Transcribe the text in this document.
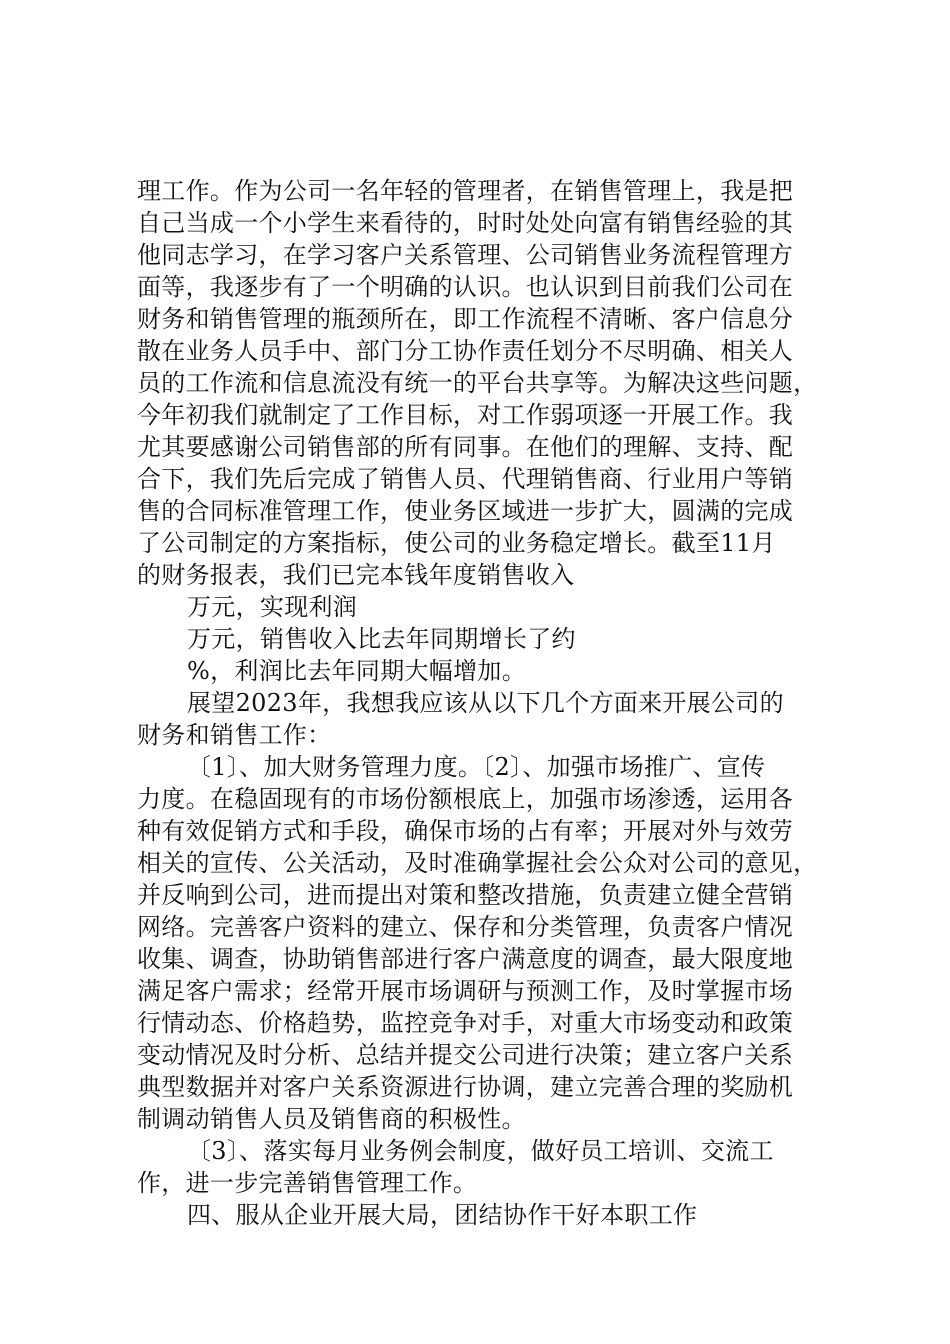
理工作。作为公司一名年轻的管理者，在销售管理上，我是把
自己当成一个小学生来看待的，时时处处向富有销售经验的其
他同志学习，在学习客户关系管理、公司销售业务流程管理方
面等，我逐步有了一个明确的认识。也认识到目前我们公司在
财务和销售管理的瓶颈所在，即工作流程不清晰、客户信息分
散在业务人员手中、部门分工协作责任划分不尽明确、相关人
员的工作流和信息流没有统一的平台共享等。为解决这些问题，
今年初我们就制定了工作目标，对工作弱项逐一开展工作。我
尤其要感谢公司销售部的所有同事。在他们的理解、支持、配
合下，我们先后完成了销售人员、代理销售商、行业用户等销
售的合同标准管理工作，使业务区域进一步扩大，圆满的完成
了公司制定的方案指标，使公司的业务稳定增长。截至11月
的财务报表，我们已完本钱年度销售收入
万元，实现利润
万元，销售收入比去年同期增长了约
%，利润比去年同期大幅增加。
展望2023年，我想我应该从以下几个方面来开展公司的
财务和销售工作：
〔1〕、加大财务管理力度。〔2〕、加强市场推广、宣传
力度。在稳固现有的市场份额根底上，加强市场渗透，运用各
种有效促销方式和手段，确保市场的占有率；开展对外与效劳
相关的宣传、公关活动，及时准确掌握社会公众对公司的意见，
并反响到公司，进而提出对策和整改措施，负责建立健全营销
网络。完善客户资料的建立、保存和分类管理，负责客户情况
收集、调查，协助销售部进行客户满意度的调查，最大限度地
满足客户需求；经常开展市场调研与预测工作，及时掌握市场
行情动态、价格趋势，监控竞争对手，对重大市场变动和政策
变动情况及时分析、总结并提交公司进行决策；建立客户关系
典型数据并对客户关系资源进行协调，建立完善合理的奖励机
制调动销售人员及销售商的积极性。
〔3〕、落实每月业务例会制度，做好员工培训、交流工
作，进一步完善销售管理工作。
四、服从企业开展大局，团结协作干好本职工作
